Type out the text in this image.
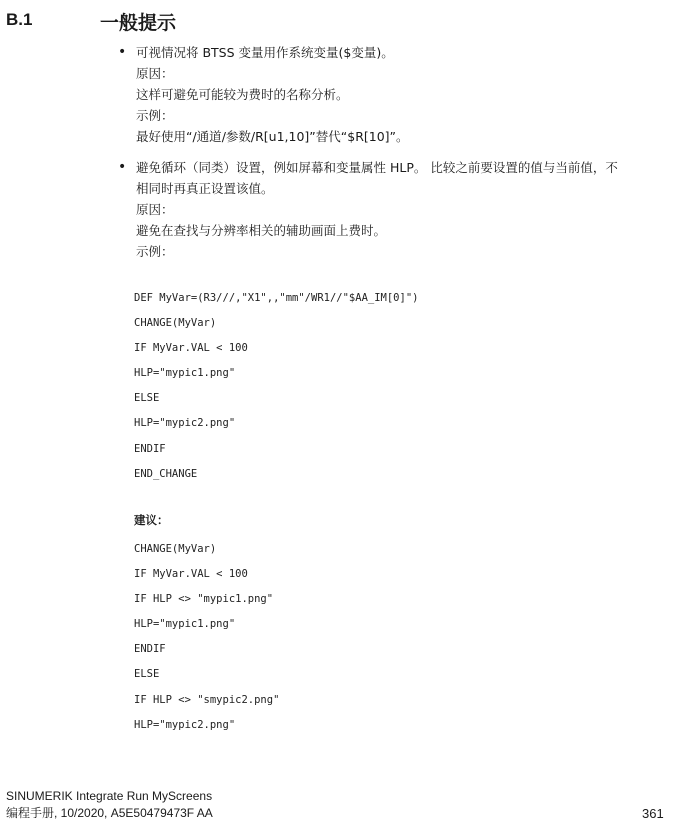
B.1	一般提示
• 可视情况将 BTSS 变量用作系统变量($变量)。
原因：
这样可避免可能较为费时的名称分析。
示例：
最好使用“/通道/参数/R[u1,10]”替代“$R[10]”。
• 避免循环（同类）设置，例如屏幕和变量属性 HLP。 比较之前要设置的值与当前值，不
相同时再真正设置该值。
原因：
避免在查找与分辨率相关的辅助画面上费时。
示例：
DEF MyVar=(R3///,"X1",,"mm"/WR1//"$AA_IM[0]")
CHANGE(MyVar)
IF MyVar.VAL < 100
HLP="mypic1.png"
ELSE
HLP="mypic2.png"
ENDIF
END_CHANGE
建议：
CHANGE(MyVar)
IF MyVar.VAL < 100
IF HLP <> "mypic1.png"
HLP="mypic1.png"
ENDIF
ELSE
IF HLP <> "smypic2.png"
HLP="mypic2.png"
SINUMERIK Integrate Run MyScreens
编程手册, 10/2020, A5E50479473F AA	361
